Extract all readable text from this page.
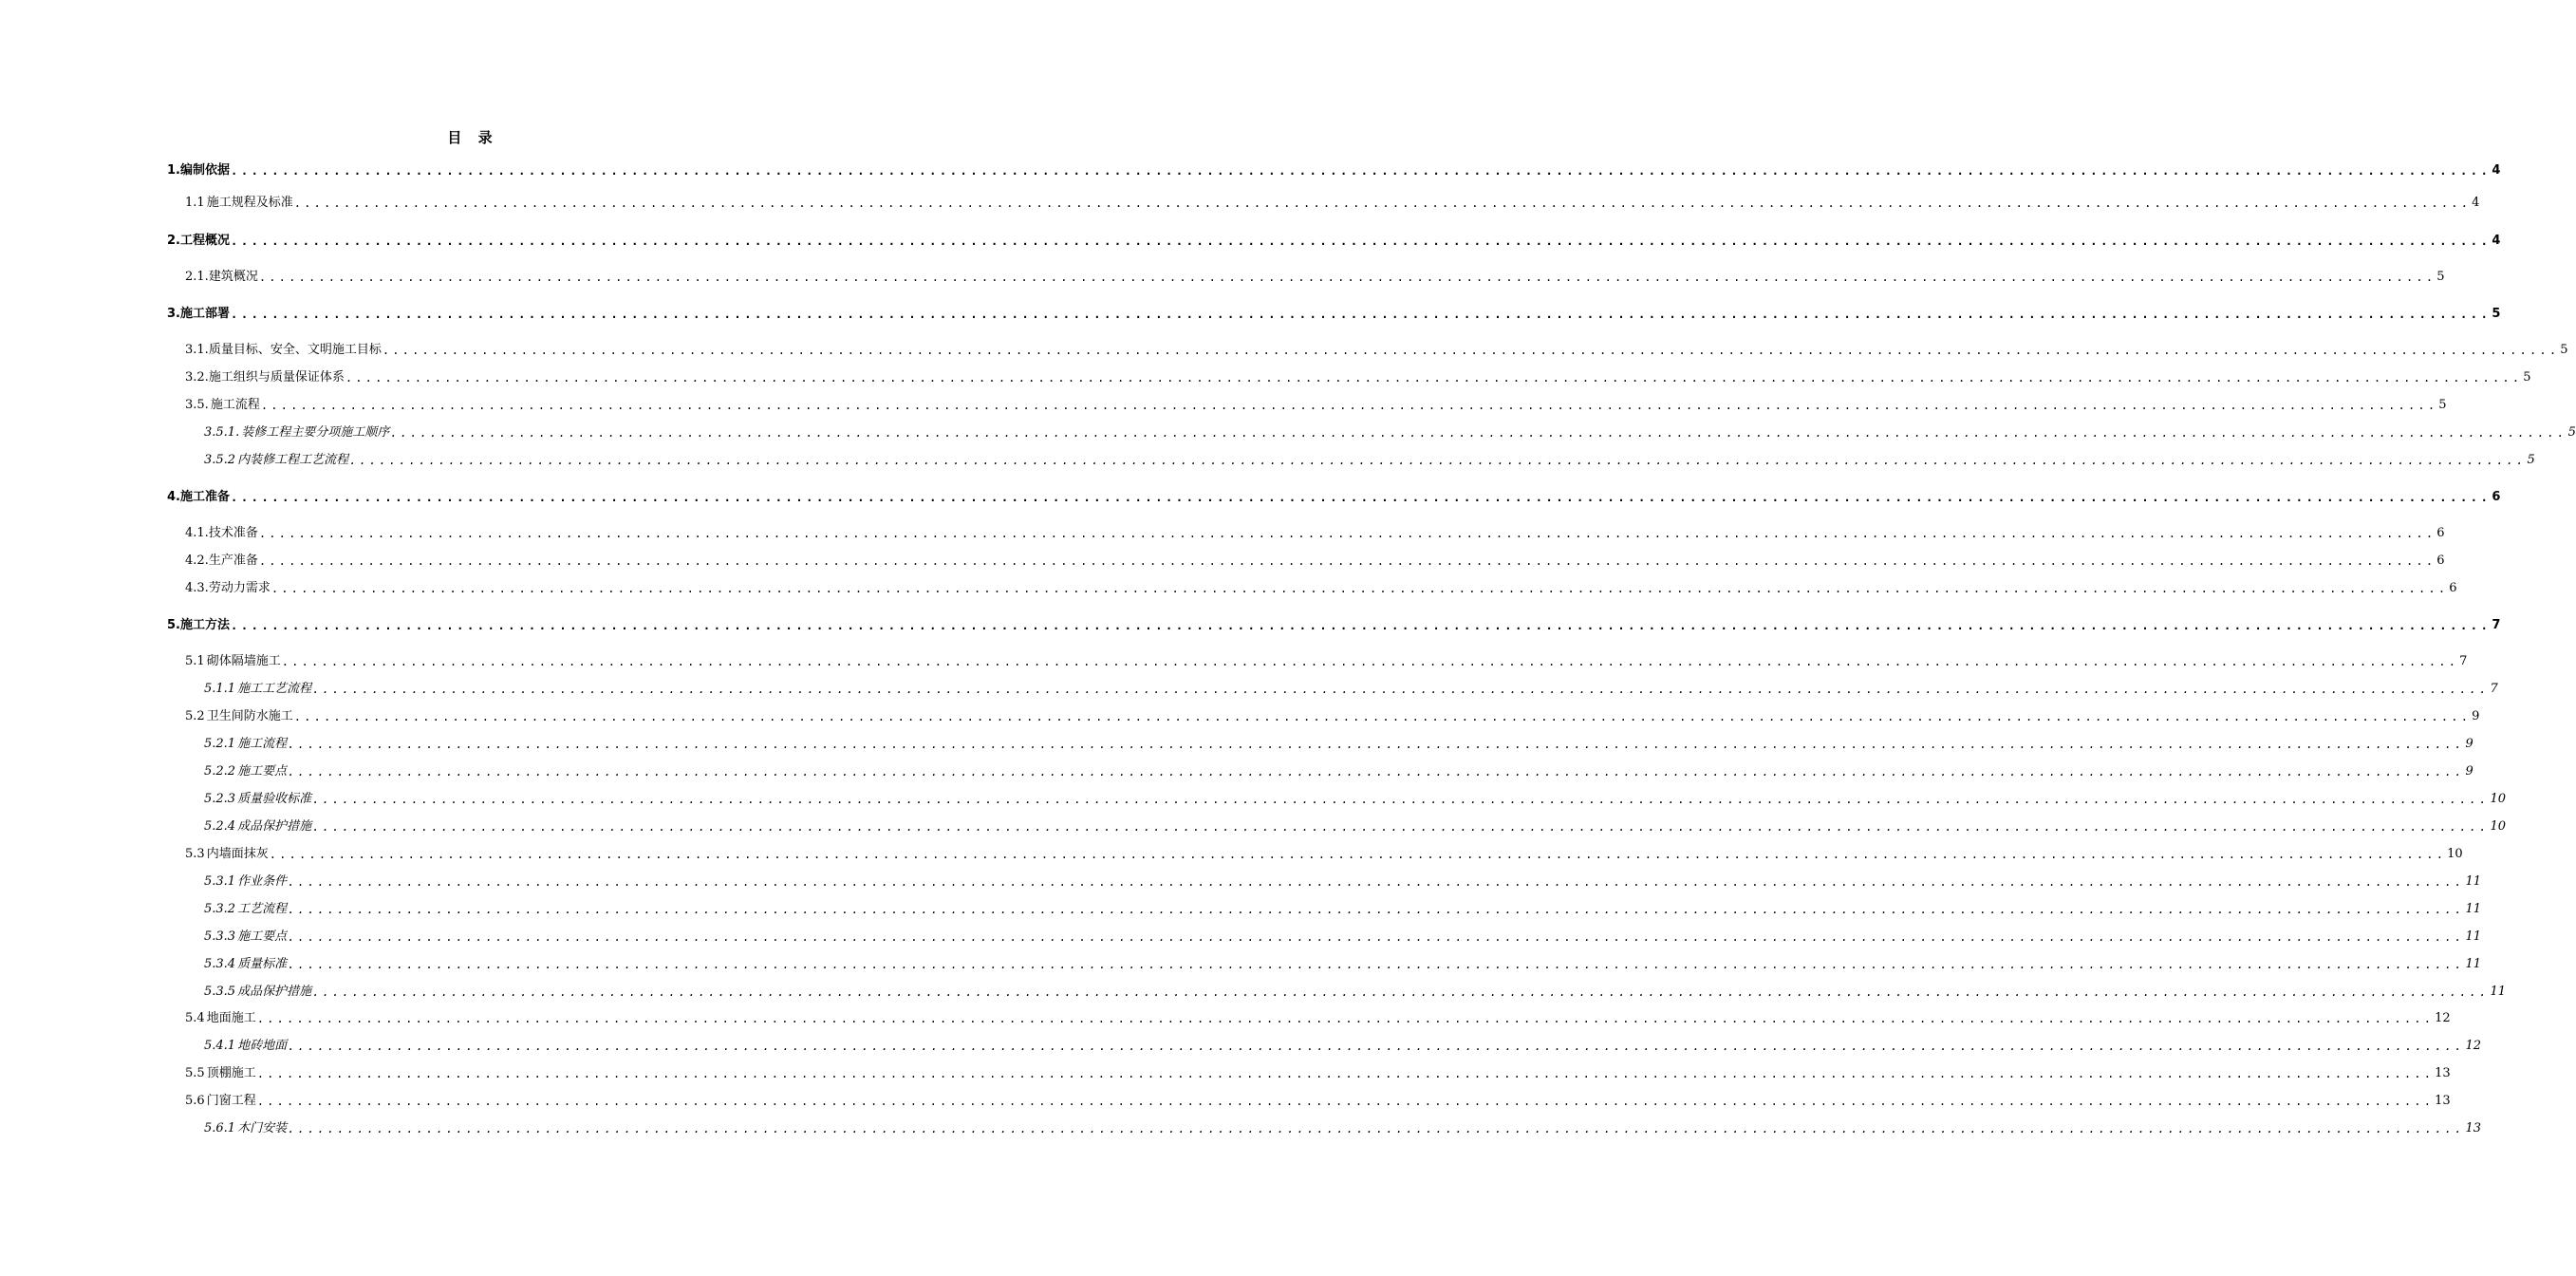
目 录
1. 编制依据 ............................................................................................................................................................................................................................ 4
1.1 施工规程及标准 ............................................................................................................................................................................................................................ 4
2. 工程概况 ............................................................................................................................................................................................................................ 4
2.1. 建筑概况 ............................................................................................................................................................................................................................ 5
3. 施工部署 ............................................................................................................................................................................................................................ 5
3.1. 质量目标、安全、文明施工目标 ............................................................................................................................................................................................................................ 5
3.2. 施工组织与质量保证体系 ............................................................................................................................................................................................................................ 5
3.5. 施工流程 ............................................................................................................................................................................................................................ 5
3.5.1. 装修工程主要分项施工顺序 ............................................................................................................................................................................................................................ 5
3.5.2 内装修工程工艺流程 ............................................................................................................................................................................................................................ 5
4. 施工准备 ............................................................................................................................................................................................................................ 6
4.1. 技术准备 ............................................................................................................................................................................................................................ 6
4.2. 生产准备 ............................................................................................................................................................................................................................ 6
4.3. 劳动力需求 ............................................................................................................................................................................................................................ 6
5. 施工方法 ............................................................................................................................................................................................................................ 7
5.1 砌体隔墙施工 ............................................................................................................................................................................................................................ 7
5.1.1 施工工艺流程 ............................................................................................................................................................................................................................ 7
5.2 卫生间防水施工 ............................................................................................................................................................................................................................ 9
5.2.1 施工流程 ............................................................................................................................................................................................................................ 9
5.2.2 施工要点 ............................................................................................................................................................................................................................ 9
5.2.3 质量验收标准 ............................................................................................................................................................................................................................ 10
5.2.4 成品保护措施 ............................................................................................................................................................................................................................ 10
5.3 内墙面抹灰 ............................................................................................................................................................................................................................ 10
5.3.1 作业条件 ............................................................................................................................................................................................................................ 11
5.3.2 工艺流程 ............................................................................................................................................................................................................................ 11
5.3.3 施工要点 ............................................................................................................................................................................................................................ 11
5.3.4 质量标准 ............................................................................................................................................................................................................................ 11
5.3.5 成品保护措施 ............................................................................................................................................................................................................................ 11
5.4 地面施工 ............................................................................................................................................................................................................................ 12
5.4.1 地砖地面 ............................................................................................................................................................................................................................ 12
5.5 顶棚施工 ............................................................................................................................................................................................................................ 13
5.6 门窗工程 ............................................................................................................................................................................................................................ 13
5.6.1 木门安装 ............................................................................................................................................................................................................................ 13
